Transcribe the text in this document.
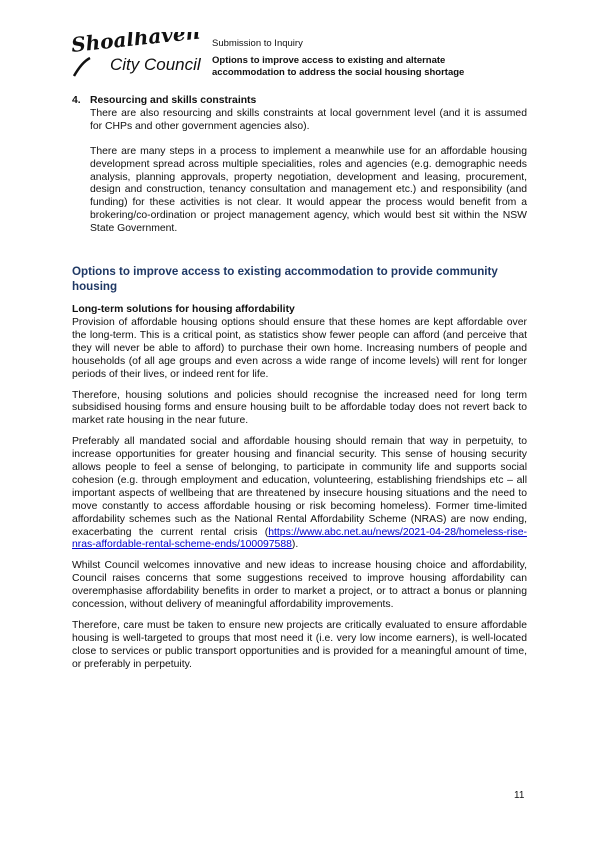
Shoalhaven
City Council
Submission to Inquiry
Options to improve access to existing and alternate accommodation to address the social housing shortage
4. Resourcing and skills constraints

There are also resourcing and skills constraints at local government level (and it is assumed for CHPs and other government agencies also).

There are many steps in a process to implement a meanwhile use for an affordable housing development spread across multiple specialities, roles and agencies (e.g. demographic needs analysis, planning approvals, property negotiation, development and leasing, procurement, design and construction, tenancy consultation and management etc.) and responsibility (and funding) for these activities is not clear. It would appear the process would benefit from a brokering/co-ordination or project management agency, which would best sit within the NSW State Government.

Options to improve access to existing accommodation to provide community housing

Long-term solutions for housing affordability
Provision of affordable housing options should ensure that these homes are kept affordable over the long-term. This is a critical point, as statistics show fewer people can afford (and perceive that they will never be able to afford) to purchase their own home. Increasing numbers of people and households (of all age groups and even across a wide range of income levels) will rent for longer periods of their lives, or indeed rent for life.

Therefore, housing solutions and policies should recognise the increased need for long term subsidised housing forms and ensure housing built to be affordable today does not revert back to market rate housing in the near future.

Preferably all mandated social and affordable housing should remain that way in perpetuity, to increase opportunities for greater housing and financial security. This sense of housing security allows people to feel a sense of belonging, to participate in community life and supports social cohesion (e.g. through employment and education, volunteering, establishing friendships etc – all important aspects of wellbeing that are threatened by insecure housing situations and the need to move constantly to access affordable housing or risk becoming homeless). Former time-limited affordability schemes such as the National Rental Affordability Scheme (NRAS) are now ending, exacerbating the current rental crisis (https://www.abc.net.au/news/2021-04-28/homeless-rise-nras-affordable-rental-scheme-ends/100097588).

Whilst Council welcomes innovative and new ideas to increase housing choice and affordability, Council raises concerns that some suggestions received to improve housing affordability can overemphasise affordability benefits in order to market a project, or to attract a bonus or planning concession, without delivery of meaningful affordability improvements.

Therefore, care must be taken to ensure new projects are critically evaluated to ensure affordable housing is well-targeted to groups that most need it (i.e. very low income earners), is well-located close to services or public transport opportunities and is provided for a meaningful amount of time, or preferably in perpetuity.

11
